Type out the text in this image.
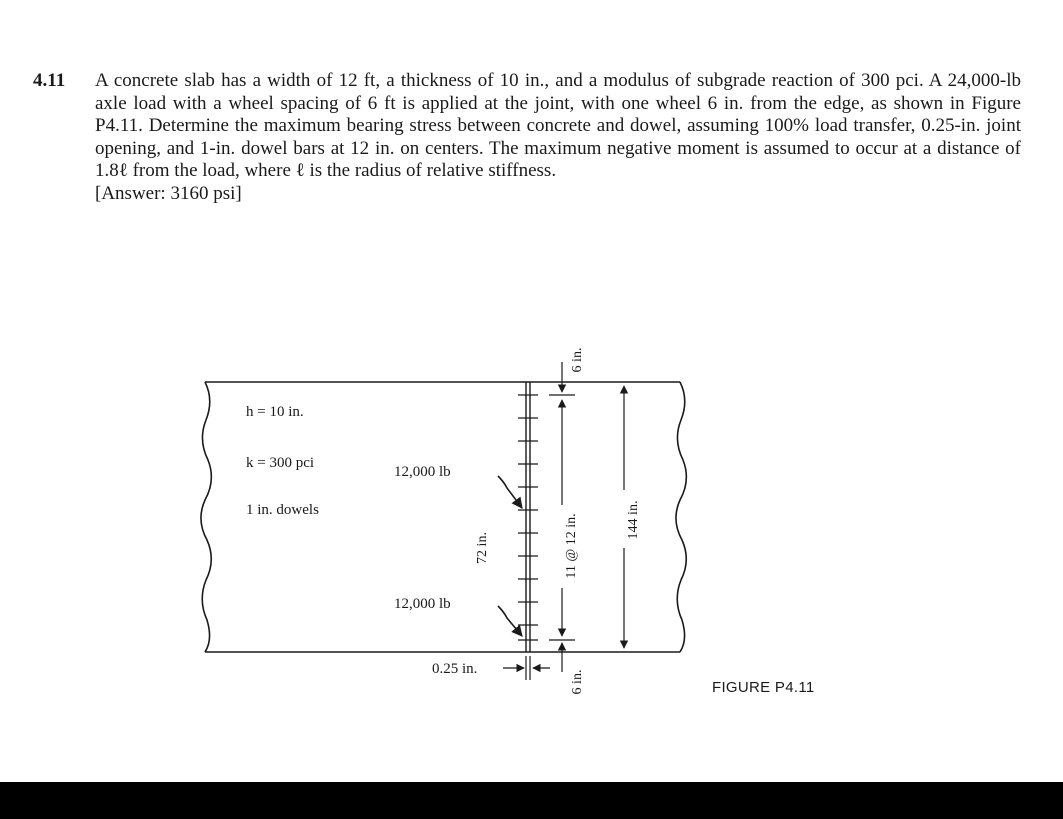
4.11 A concrete slab has a width of 12 ft, a thickness of 10 in., and a modulus of subgrade reaction of 300 pci. A 24,000-lb axle load with a wheel spacing of 6 ft is applied at the joint, with one wheel 6 in. from the edge, as shown in Figure P4.11. Determine the maximum bearing stress between concrete and dowel, assuming 100% load transfer, 0.25-in. joint opening, and 1-in. dowel bars at 12 in. on centers. The maximum negative moment is assumed to occur at a distance of 1.8ℓ from the load, where ℓ is the radius of relative stiffness.
[Answer: 3160 psi]
h = 10 in.
k = 300 pci
1 in. dowels
12,000 lb
12,000 lb
72 in.	11 @ 12 in.	144 in.
6 in.
6 in.
0.25 in.
FIGURE P4.11
